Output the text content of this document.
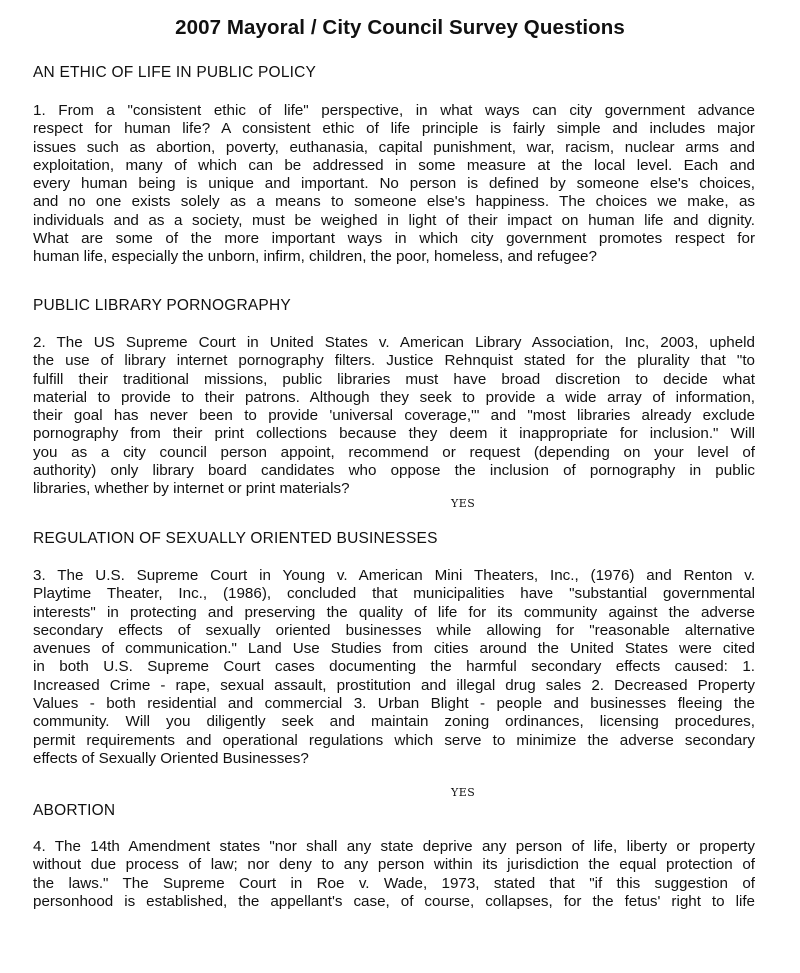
2007 Mayoral / City Council Survey Questions
AN ETHIC OF LIFE IN PUBLIC POLICY
1. From a "consistent ethic of life" perspective, in what ways can city government advance
respect for human life? A consistent ethic of life principle is fairly simple and includes major
issues such as abortion, poverty, euthanasia, capital punishment, war, racism, nuclear arms and
exploitation, many of which can be addressed in some measure at the local level. Each and
every human being is unique and important. No person is defined by someone else's choices,
and no one exists solely as a means to someone else's happiness. The choices we make, as
individuals and as a society, must be weighed in light of their impact on human life and dignity.
What are some of the more important ways in which city government promotes respect for
human life, especially the unborn, infirm, children, the poor, homeless, and refugee?
PUBLIC LIBRARY PORNOGRAPHY
2. The US Supreme Court in United States v. American Library Association, Inc, 2003, upheld
the use of library internet pornography filters. Justice Rehnquist stated for the plurality that "to
fulfill their traditional missions, public libraries must have broad discretion to decide what
material to provide to their patrons. Although they seek to provide a wide array of information,
their goal has never been to provide 'universal coverage,'" and "most libraries already exclude
pornography from their print collections because they deem it inappropriate for inclusion." Will
you as a city council person appoint, recommend or request (depending on your level of
authority) only library board candidates who oppose the inclusion of pornography in public
libraries, whether by internet or print materials?
YES
REGULATION OF SEXUALLY ORIENTED BUSINESSES
3. The U.S. Supreme Court in Young v. American Mini Theaters, Inc., (1976) and Renton v.
Playtime Theater, Inc., (1986), concluded that municipalities have "substantial governmental
interests" in protecting and preserving the quality of life for its community against the adverse
secondary effects of sexually oriented businesses while allowing for "reasonable alternative
avenues of communication." Land Use Studies from cities around the United States were cited
in both U.S. Supreme Court cases documenting the harmful secondary effects caused: 1.
Increased Crime - rape, sexual assault, prostitution and illegal drug sales 2. Decreased Property
Values - both residential and commercial 3. Urban Blight - people and businesses fleeing the
community. Will you diligently seek and maintain zoning ordinances, licensing procedures,
permit requirements and operational regulations which serve to minimize the adverse secondary
effects of Sexually Oriented Businesses?
YES
ABORTION
4. The 14th Amendment states "nor shall any state deprive any person of life, liberty or property
without due process of law; nor deny to any person within its jurisdiction the equal protection of
the laws." The Supreme Court in Roe v. Wade, 1973, stated that "if this suggestion of
personhood is established, the appellant's case, of course, collapses, for the fetus' right to life
